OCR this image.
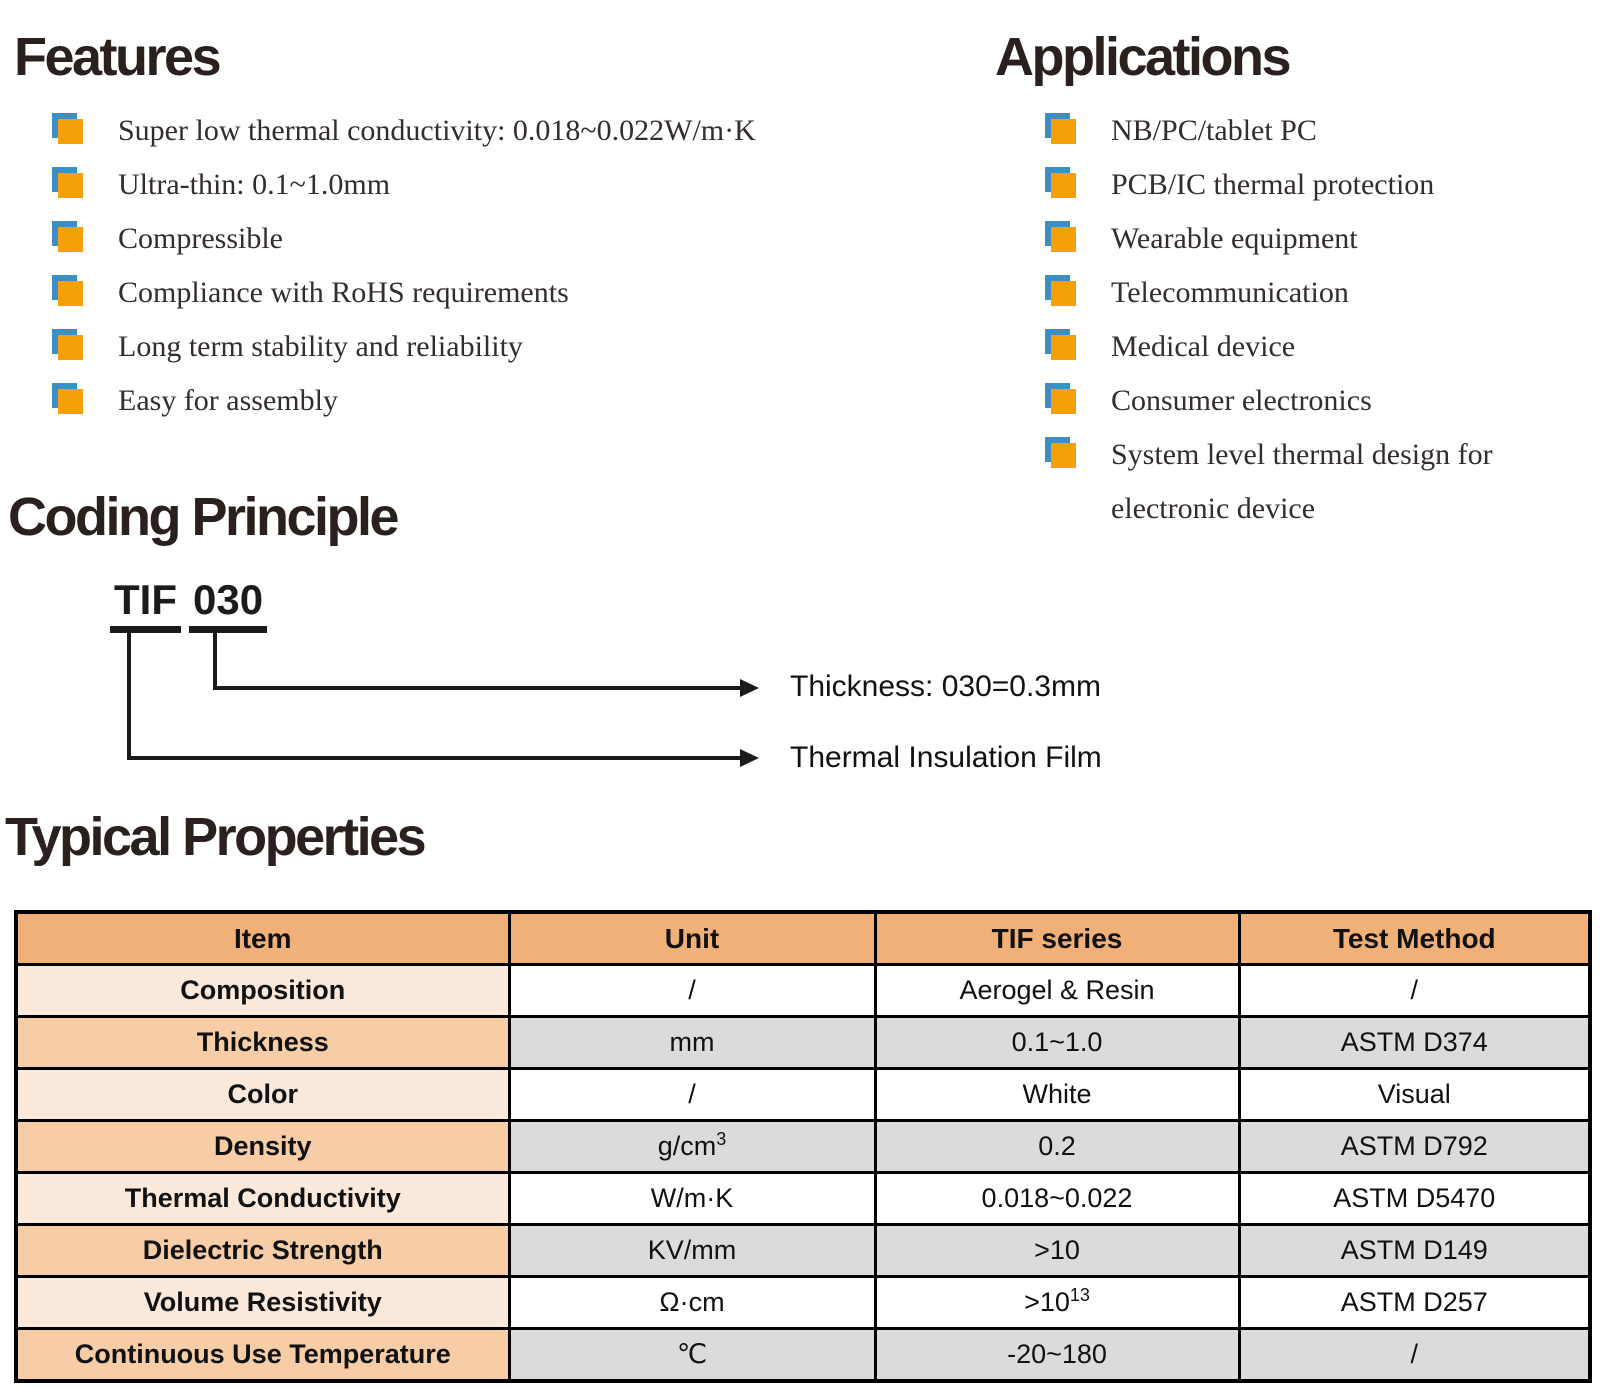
Features
Super low thermal conductivity: 0.018~0.022W/m·K
Ultra-thin: 0.1~1.0mm
Compressible
Compliance with RoHS requirements
Long term stability and reliability
Easy for assembly
Applications
NB/PC/tablet PC
PCB/IC thermal protection
Wearable equipment
Telecommunication
Medical device
Consumer electronics
System level thermal design for electronic device
Coding Principle
TIF 030
Thickness: 030=0.3mm
Thermal Insulation Film
Typical Properties
Item	Unit	TIF series	Test Method
Composition	/	Aerogel & Resin	/
Thickness	mm	0.1~1.0	ASTM D374
Color	/	White	Visual
Density	$g/cm^3$	0.2	ASTM D792
Thermal Conductivity	W/m·K	0.018~0.022	ASTM D5470
Dielectric Strength	KV/mm	>10	ASTM D149
Volume Resistivity	Ω·cm	$>10^{13}$	ASTM D257
Continuous Use Temperature	℃	-20~180	/
